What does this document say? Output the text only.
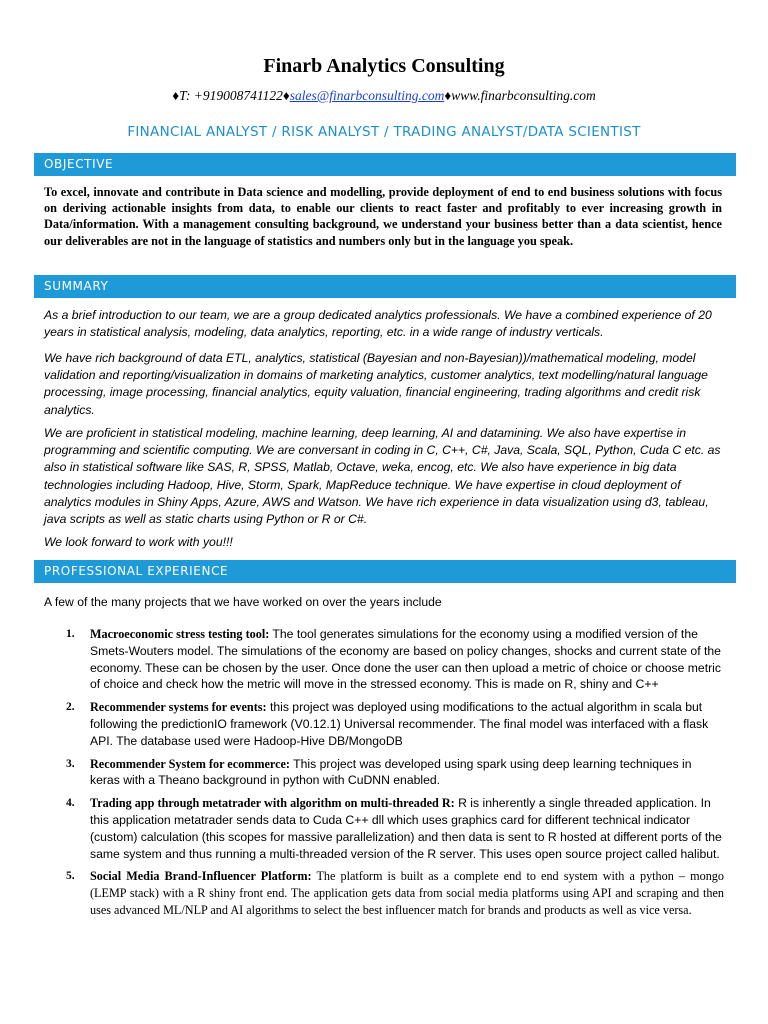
Finarb Analytics Consulting
♦T: +919008741122♦sales@finarbconsulting.com♦www.finarbconsulting.com
FINANCIAL ANALYST / RISK ANALYST / TRADING ANALYST/DATA SCIENTIST
OBJECTIVE
To excel, innovate and contribute in Data science and modelling, provide deployment of end to end business solutions with focus on deriving actionable insights from data, to enable our clients to react faster and profitably to ever increasing growth in Data/information. With a management consulting background, we understand your business better than a data scientist, hence our deliverables are not in the language of statistics and numbers only but in the language you speak.
SUMMARY
As a brief introduction to our team, we are a group dedicated analytics professionals. We have a combined experience of 20 years in statistical analysis, modeling, data analytics, reporting, etc. in a wide range of industry verticals.
We have rich background of data ETL, analytics, statistical (Bayesian and non-Bayesian))/mathematical modeling, model validation and reporting/visualization in domains of marketing analytics, customer analytics, text modelling/natural language processing, image processing, financial analytics, equity valuation, financial engineering, trading algorithms and credit risk analytics.
We are proficient in statistical modeling, machine learning, deep learning, AI and datamining. We also have expertise in programming and scientific computing. We are conversant in coding in C, C++, C#, Java, Scala, SQL, Python, Cuda C etc. as also in statistical software like SAS, R, SPSS, Matlab, Octave, weka, encog, etc. We also have experience in big data technologies including Hadoop, Hive, Storm, Spark, MapReduce technique. We have expertise in cloud deployment of analytics modules in Shiny Apps, Azure, AWS and Watson. We have rich experience in data visualization using d3, tableau, java scripts as well as static charts using Python or R or C#.
We look forward to work with you!!!
PROFESSIONAL EXPERIENCE
A few of the many projects that we have worked on over the years include
1. Macroeconomic stress testing tool: The tool generates simulations for the economy using a modified version of the Smets-Wouters model. The simulations of the economy are based on policy changes, shocks and current state of the economy. These can be chosen by the user. Once done the user can then upload a metric of choice or choose metric of choice and check how the metric will move in the stressed economy. This is made on R, shiny and C++
2. Recommender systems for events: this project was deployed using modifications to the actual algorithm in scala but following the predictionIO framework (V0.12.1) Universal recommender. The final model was interfaced with a flask API. The database used were Hadoop-Hive DB/MongoDB
3. Recommender System for ecommerce: This project was developed using spark using deep learning techniques in keras with a Theano background in python with CuDNN enabled.
4. Trading app through metatrader with algorithm on multi-threaded R: R is inherently a single threaded application. In this application metatrader sends data to Cuda C++ dll which uses graphics card for different technical indicator (custom) calculation (this scopes for massive parallelization) and then data is sent to R hosted at different ports of the same system and thus running a multi-threaded version of the R server. This uses open source project called halibut.
5. Social Media Brand-Influencer Platform: The platform is built as a complete end to end system with a python – mongo (LEMP stack) with a R shiny front end. The application gets data from social media platforms using API and scraping and then uses advanced ML/NLP and AI algorithms to select the best influencer match for brands and products as well as vice versa.
